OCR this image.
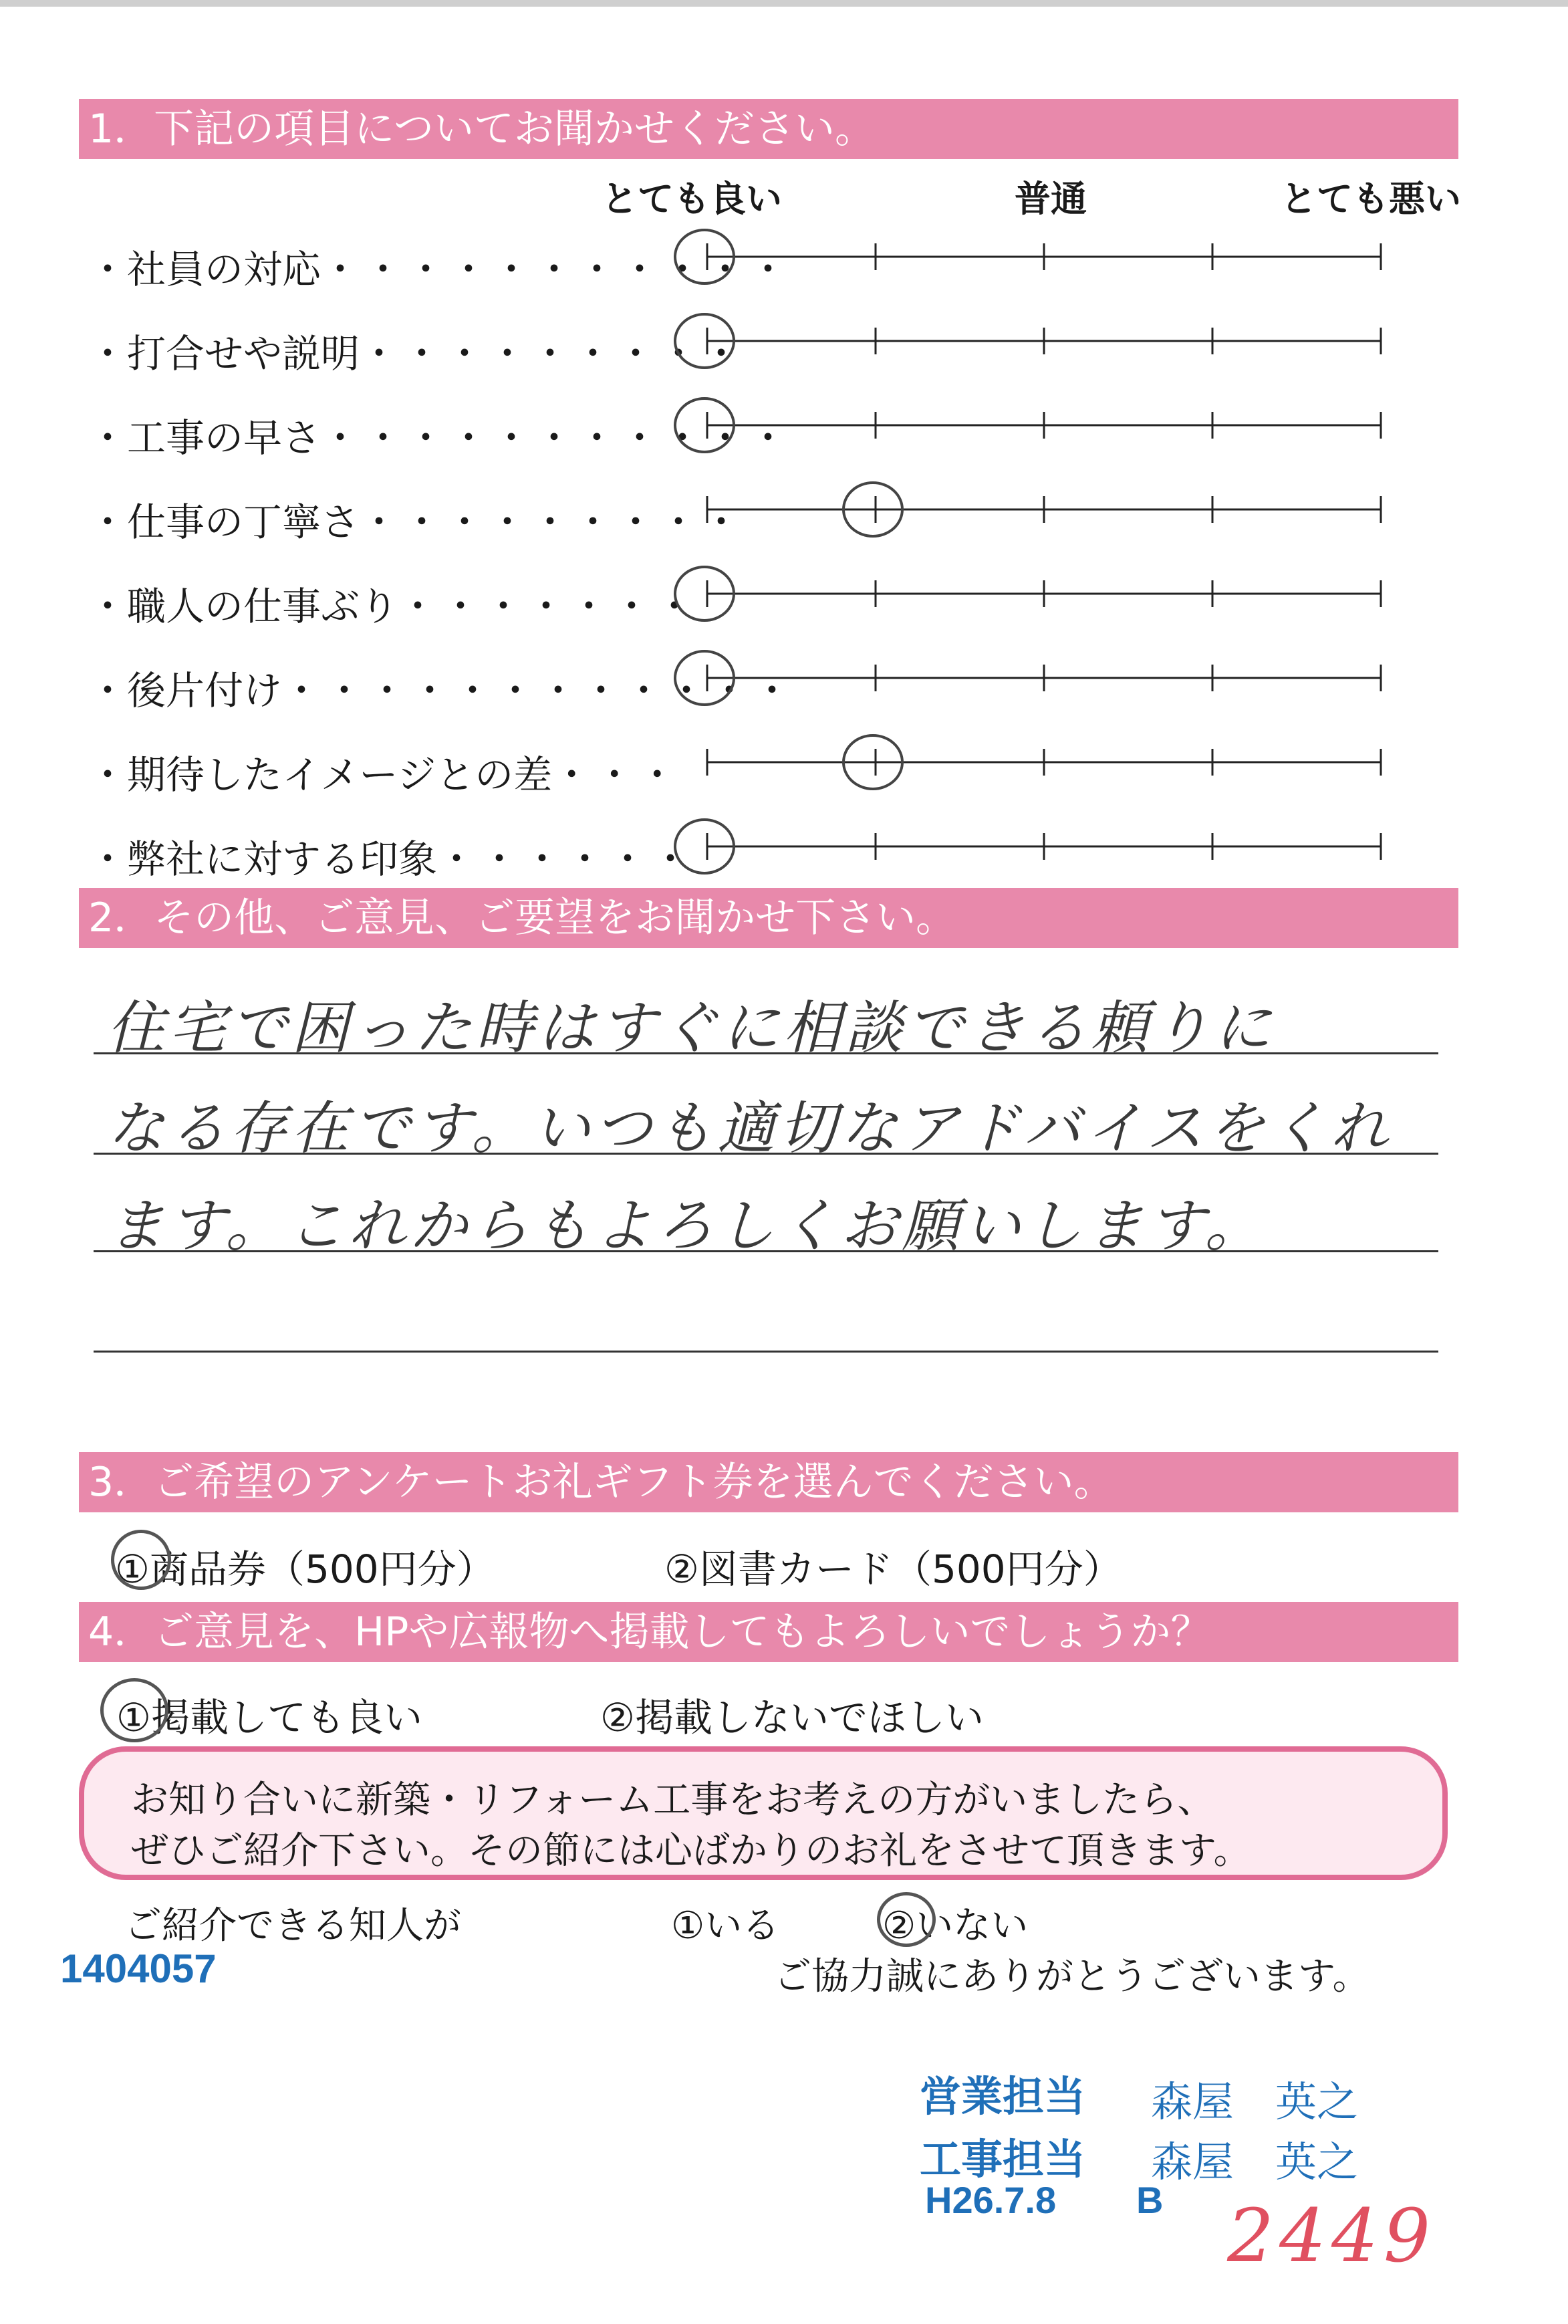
1．下記の項目についてお聞かせください。
とても良い	普通	とても悪い
・社員の対応・・・・・・・・・・・
・打合せや説明・・・・・・・・・
・工事の早さ・・・・・・・・・・・
・仕事の丁寧さ・・・・・・・・・
・職人の仕事ぶり・・・・・・・
・後片付け・・・・・・・・・・・・
・期待したイメージとの差・・・
・弊社に対する印象・・・・・・
2．その他、ご意見、ご要望をお聞かせ下さい。
住宅で困った時はすぐに相談できる頼りに
なる存在です。いつも適切なアドバイスをくれ
ます。これからもよろしくお願いします。
3．ご希望のアンケートお礼ギフト券を選んでください。
①商品券（500円分）	②図書カード（500円分）
4．ご意見を、HPや広報物へ掲載してもよろしいでしょうか？
①掲載しても良い	②掲載しないでほしい
お知り合いに新築・リフォーム工事をお考えの方がいましたら、
ぜひご紹介下さい。その節には心ばかりのお礼をさせて頂きます。
ご紹介できる知人が	①いる	②いない
1404057	ご協力誠にありがとうございます。
営業担当 森屋　英之
工事担当 森屋　英之
H26.7.8 B 2449
